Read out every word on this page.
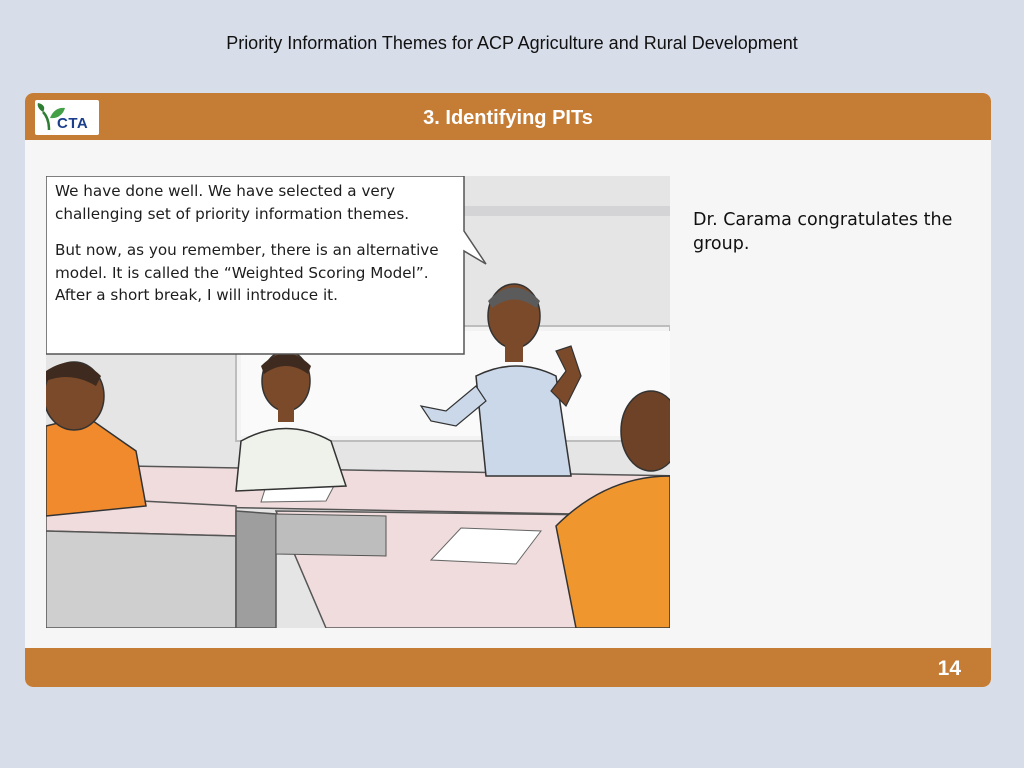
Priority Information Themes for ACP Agriculture and Rural Development
CTA	3. Identifying PITs

We have done well. We have selected a very challenging set of priority information themes.

But now, as you remember, there is an alternative model. It is called the “Weighted Scoring Model”. After a short break, I will introduce it.

Dr. Carama congratulates the group.
14
